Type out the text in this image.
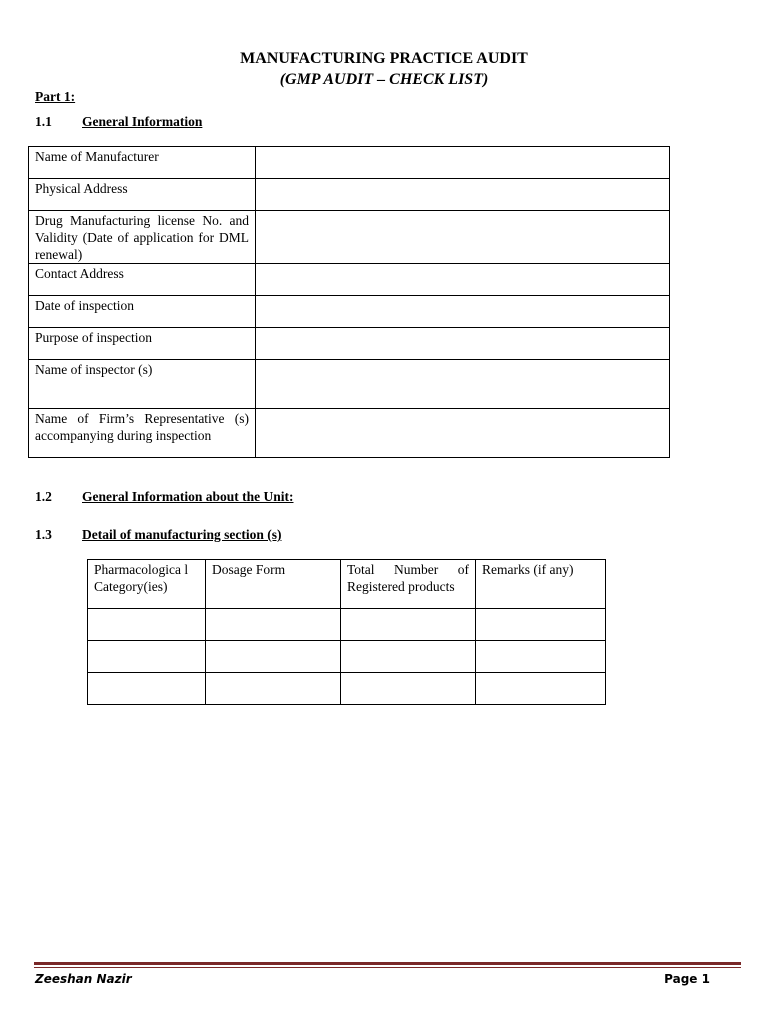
MANUFACTURING PRACTICE AUDIT
(GMP AUDIT – CHECK LIST)
Part 1:
1.1 General Information
Name of Manufacturer	
Physical Address	
Drug Manufacturing license No. and Validity (Date of application for DML renewal)	
Contact Address	
Date of inspection	
Purpose of inspection	
Name of inspector (s)	
Name of Firm’s Representative (s) accompanying during inspection	
1.2 General Information about the Unit:
1.3 Detail of manufacturing section (s)
Pharmacologica l Category(ies)	Dosage Form	Total Number of Registered products	Remarks (if any)

Zeeshan Nazir	Page 1
